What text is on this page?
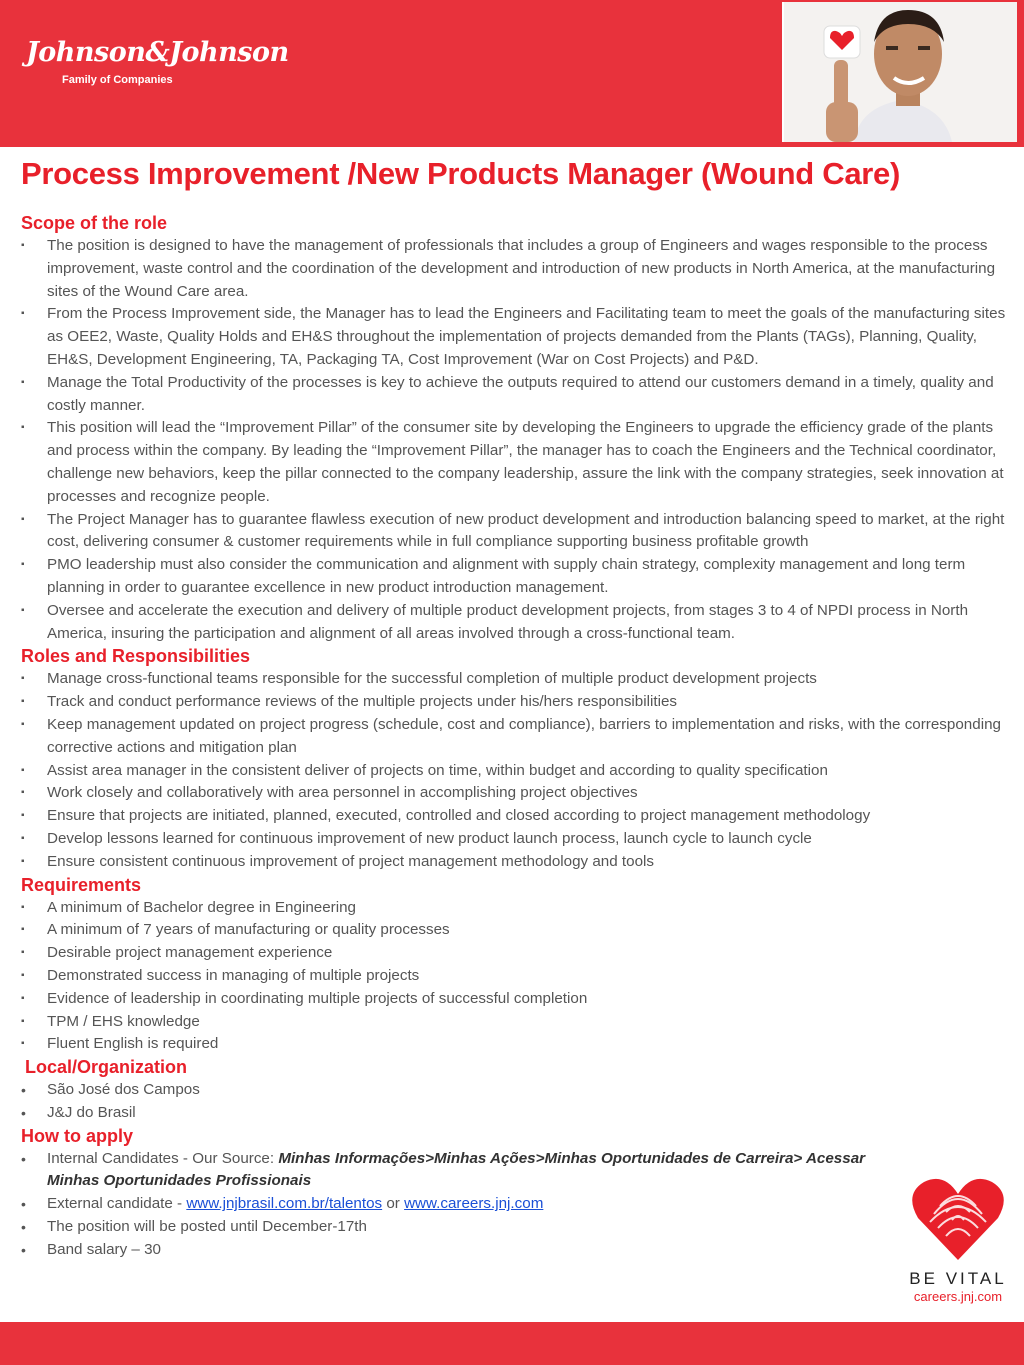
Johnson&Johnson
Family of Companies
Process Improvement /New Products Manager (Wound Care)
Scope of the role
▪ The position is designed to have the management of professionals that includes a group of Engineers and wages responsible to the process improvement, waste control and the coordination of the development and introduction of new products in North America, at the manufacturing sites of the Wound Care area.
▪ From the Process Improvement side, the Manager has to lead the Engineers and Facilitating team to meet the goals of the manufacturing sites as OEE2, Waste, Quality Holds and EH&S throughout the implementation of projects demanded from the Plants (TAGs), Planning, Quality, EH&S, Development Engineering, TA, Packaging TA, Cost Improvement (War on Cost Projects) and P&D.
▪ Manage the Total Productivity of the processes is key to achieve the outputs required to attend our customers demand in a timely, quality and costly manner.
▪ This position will lead the “Improvement Pillar” of the consumer site by developing the Engineers to upgrade the efficiency grade of the plants and process within the company. By leading the “Improvement Pillar”, the manager has to coach the Engineers and the Technical coordinator, challenge new behaviors, keep the pillar connected to the company leadership, assure the link with the company strategies, seek innovation at processes and recognize people.
▪ The Project Manager has to guarantee flawless execution of new product development and introduction balancing speed to market, at the right cost, delivering consumer & customer requirements while in full compliance supporting business profitable growth
▪ PMO leadership must also consider the communication and alignment with supply chain strategy, complexity management and long term planning in order to guarantee excellence in new product introduction management.
▪ Oversee and accelerate the execution and delivery of multiple product development projects, from stages 3 to 4 of NPDI process in North America, insuring the participation and alignment of all areas involved through a cross-functional team.
Roles and Responsibilities
▪ Manage cross-functional teams responsible for the successful completion of multiple product development projects
▪ Track and conduct performance reviews of the multiple projects under his/hers responsibilities
▪ Keep management updated on project progress (schedule, cost and compliance), barriers to implementation and risks, with the corresponding corrective actions and mitigation plan
▪ Assist area manager in the consistent deliver of projects on time, within budget and according to quality specification
▪ Work closely and collaboratively with area personnel in accomplishing project objectives
▪ Ensure that projects are initiated, planned, executed, controlled and closed according to project management methodology
▪ Develop lessons learned for continuous improvement of new product launch process, launch cycle to launch cycle
▪ Ensure consistent continuous improvement of project management methodology and tools
Requirements
▪ A minimum of Bachelor degree in Engineering
▪ A minimum of 7 years of manufacturing or quality processes
▪ Desirable project management experience
▪ Demonstrated success in managing of multiple projects
▪ Evidence of leadership in coordinating multiple projects of successful completion
▪ TPM / EHS knowledge
▪ Fluent English is required
Local/Organization
• São José dos Campos
• J&J do Brasil
How to apply
• Internal Candidates - Our Source: Minhas Informações>Minhas Ações>Minhas Oportunidades de Carreira> Acessar Minhas Oportunidades Profissionais
• External candidate - www.jnjbrasil.com.br/talentos or www.careers.jnj.com
• The position will be posted until December-17th
• Band salary – 30
BE VITAL
careers.jnj.com
